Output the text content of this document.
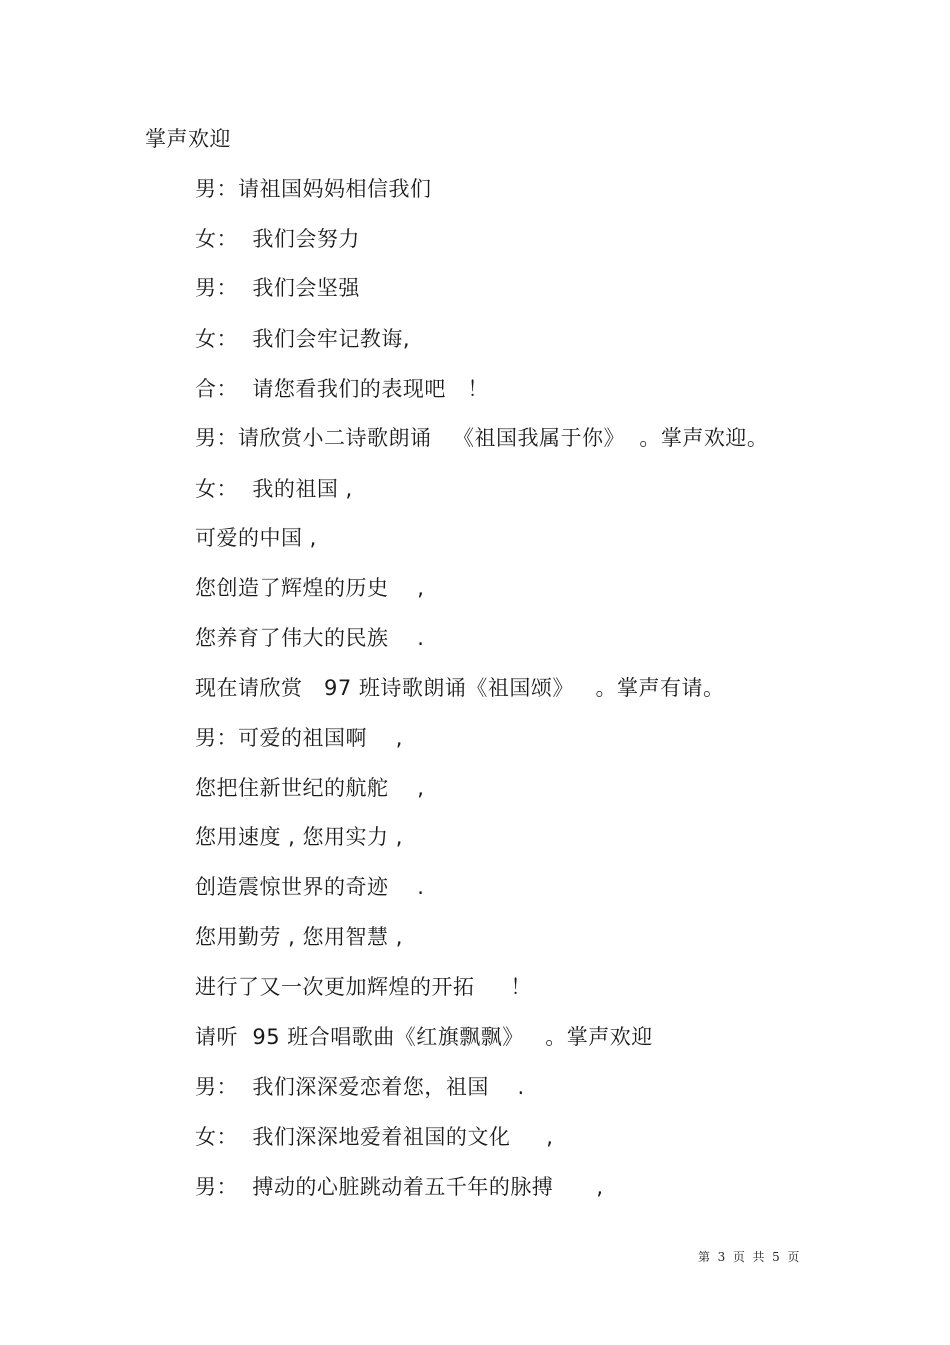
掌声欢迎
男：请祖国妈妈相信我们
女：  我们会努力
男：  我们会坚强
女：  我们会牢记教诲,
合：  请您看我们的表现吧   ！
男：请欣赏小二诗歌朗诵   《祖国我属于你》  。掌声欢迎。
女：  我的祖国 ,
可爱的中国 ,
您创造了辉煌的历史    ,
您养育了伟大的民族    .
现在请欣赏   97 班诗歌朗诵《祖国颂》   。掌声有请。
男：可爱的祖国啊    ,
您把住新世纪的航舵    ,
您用速度 , 您用实力 ,
创造震惊世界的奇迹    .
您用勤劳 , 您用智慧 ,
进行了又一次更加辉煌的开拓     ！
请听  95 班合唱歌曲《红旗飘飘》   。掌声欢迎
男：  我们深深爱恋着您，祖国    .
女：  我们深深地爱着祖国的文化     ,
男：  搏动的心脏跳动着五千年的脉搏      ,
第  3  页  共  5  页
